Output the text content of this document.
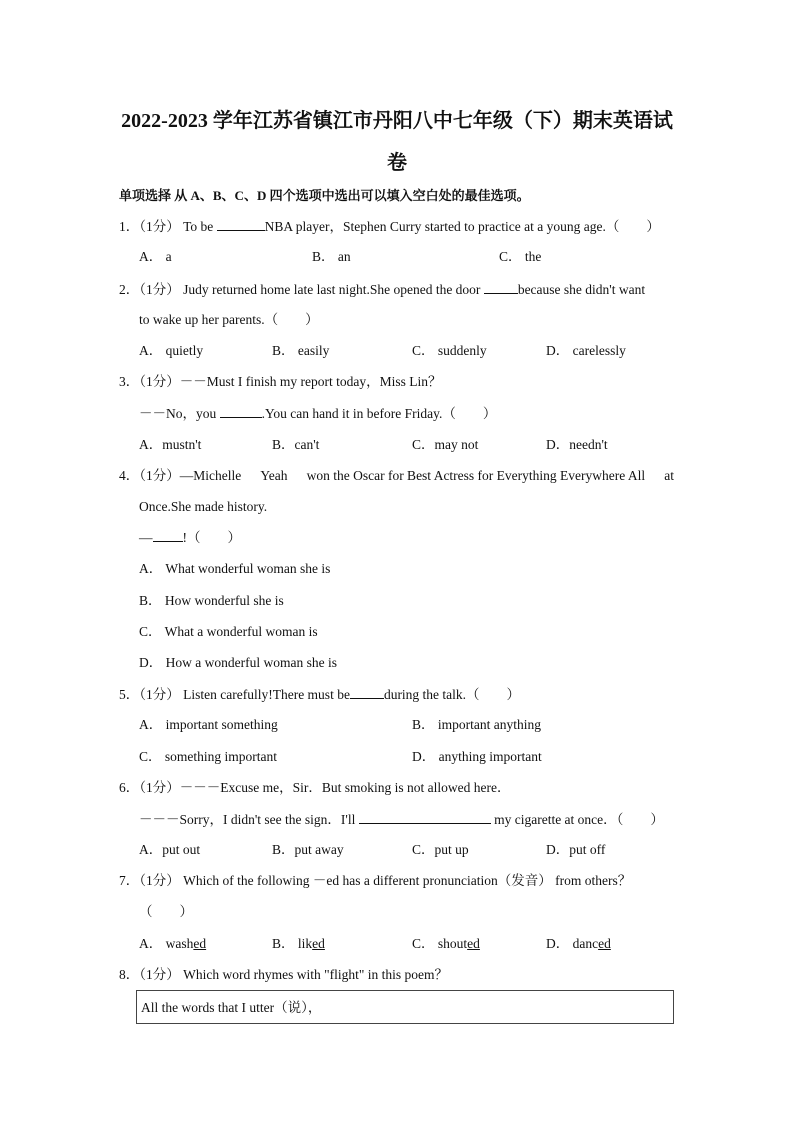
2022-2023 学年江苏省镇江市丹阳八中七年级（下）期末英语试
卷
单项选择 从 A、B、C、D 四个选项中选出可以填入空白处的最佳选项。
1．（1分） To be	NBA player，Stephen Curry started to practice at a young age.（　　）
A． a	B． an	C． the
2．（1分） Judy returned home late last night.She opened the door	because she didn't want
to wake up her parents.（　　）
A． quietly	B． easily	C． suddenly	D． carelessly
3．（1分）－－Must I finish my report today，Miss Lin？
－－No，you	.You can hand it in before Friday.（　　）
A．mustn't	B．can't	C．may not	D．needn't
4．（1分）—Michelle Yeah won the Oscar for Best Actress for Everything Everywhere All at
Once.She made history.
— !（　　）
A． What wonderful woman she is
B． How wonderful she is
C． What a wonderful woman is
D． How a wonderful woman she is
5．（1分） Listen carefully!There must be	during the talk.（　　）
A． important something	B． important anything
C． something important	D． anything important
6．（1分）－－－Excuse me，Sir．But smoking is not allowed here．
－－－Sorry，I didn't see the sign．I'll	my cigarette at once．（　　）
A．put out	B．put away	C．put up	D．put off
7．（1分） Which of the following －ed has a different pronunciation（发音） from others？
（　　）
A． washed	B． liked	C． shouted	D． danced
8．（1分） Which word rhymes with "flight" in this poem？
All the words that I utter（说），
